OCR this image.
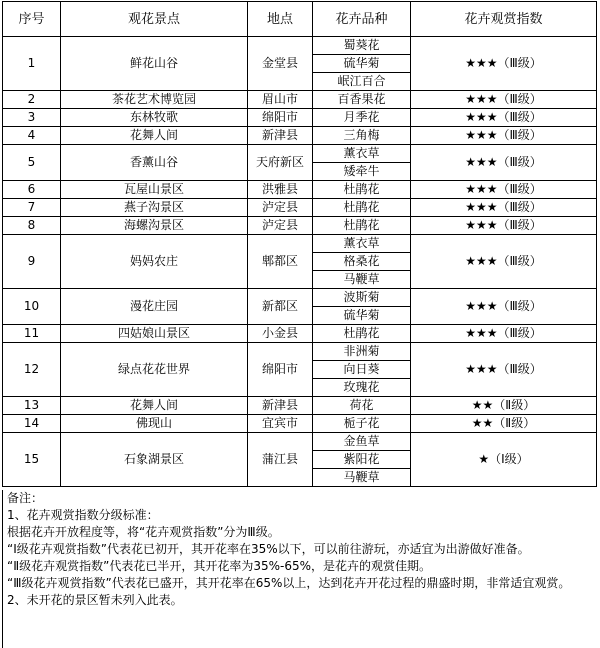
序号	观花景点	地点	花卉品种	花卉观赏指数
1	鲜花山谷	金堂县	蜀葵花	★★★（Ⅲ级）
			硫华菊	
			岷江百合	
2	茶花艺术博览园	眉山市	百香果花	★★★（Ⅲ级）
3	东林牧歌	绵阳市	月季花	★★★（Ⅲ级）
4	花舞人间	新津县	三角梅	★★★（Ⅲ级）
5	香薰山谷	天府新区	薰衣草	★★★（Ⅲ级）
			矮牵牛	
6	瓦屋山景区	洪雅县	杜鹃花	★★★（Ⅲ级）
7	燕子沟景区	泸定县	杜鹃花	★★★（Ⅲ级）
8	海螺沟景区	泸定县	杜鹃花	★★★（Ⅲ级）
9	妈妈农庄	郫都区	薰衣草	★★★（Ⅲ级）
			格桑花	
			马鞭草	
10	漫花庄园	新都区	波斯菊	★★★（Ⅲ级）
			硫华菊	
11	四姑娘山景区	小金县	杜鹃花	★★★（Ⅲ级）
12	绿点花花世界	绵阳市	非洲菊	★★★（Ⅲ级）
			向日葵	
			玫瑰花	
13	花舞人间	新津县	荷花	★★（Ⅱ级）
14	佛现山	宜宾市	栀子花	★★（Ⅱ级）
15	石象湖景区	蒲江县	金鱼草	★（Ⅰ级）
			紫阳花	
			马鞭草	
备注：
1、花卉观赏指数分级标准：
根据花卉开放程度等，将“花卉观赏指数”分为Ⅲ级。
“Ⅰ级花卉观赏指数”代表花已初开，其开花率在35%以下，可以前往游玩，亦适宜为出游做好准备。
“Ⅱ级花卉观赏指数”代表花已半开，其开花率为35%-65%，是花卉的观赏佳期。
“Ⅲ级花卉观赏指数”代表花已盛开，其开花率在65%以上，达到花卉开花过程的鼎盛时期，非常适宜观赏。
2、未开花的景区暂未列入此表。
